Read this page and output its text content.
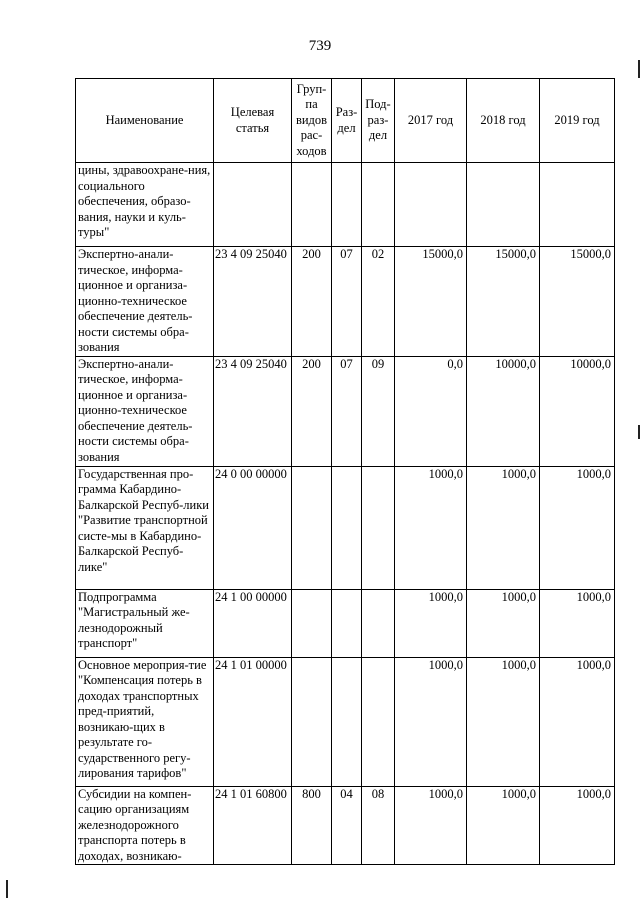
739
Наименование	Целевая статья	Груп-па видов рас-ходов	Раз-дел	Под-раз-дел	2017 год	2018 год	2019 год
цины, здравоохране-ния, социального обеспечения, образо-вания, науки и куль-туры"							
Экспертно-анали-тическое, информа-ционное и организа-ционно-техническое обеспечение деятель-ности системы обра-зования	23 4 09 25040	200	07	02	15000,0	15000,0	15000,0
Экспертно-анали-тическое, информа-ционное и организа-ционно-техническое обеспечение деятель-ности системы обра-зования	23 4 09 25040	200	07	09	0,0	10000,0	10000,0
Государственная про-грамма Кабардино-Балкарской Респуб-лики "Развитие транспортной систе-мы в Кабардино-Балкарской Респуб-лике"	24 0 00 00000				1000,0	1000,0	1000,0
Подпрограмма "Магистральный же-лезнодорожный транспорт"	24 1 00 00000				1000,0	1000,0	1000,0
Основное мероприя-тие "Компенсация потерь в доходах транспортных пред-приятий, возникаю-щих в результате го-сударственного регу-лирования тарифов"	24 1 01 00000				1000,0	1000,0	1000,0
Субсидии на компен-сацию организациям железнодорожного транспорта потерь в доходах, возникаю-	24 1 01 60800	800	04	08	1000,0	1000,0	1000,0
